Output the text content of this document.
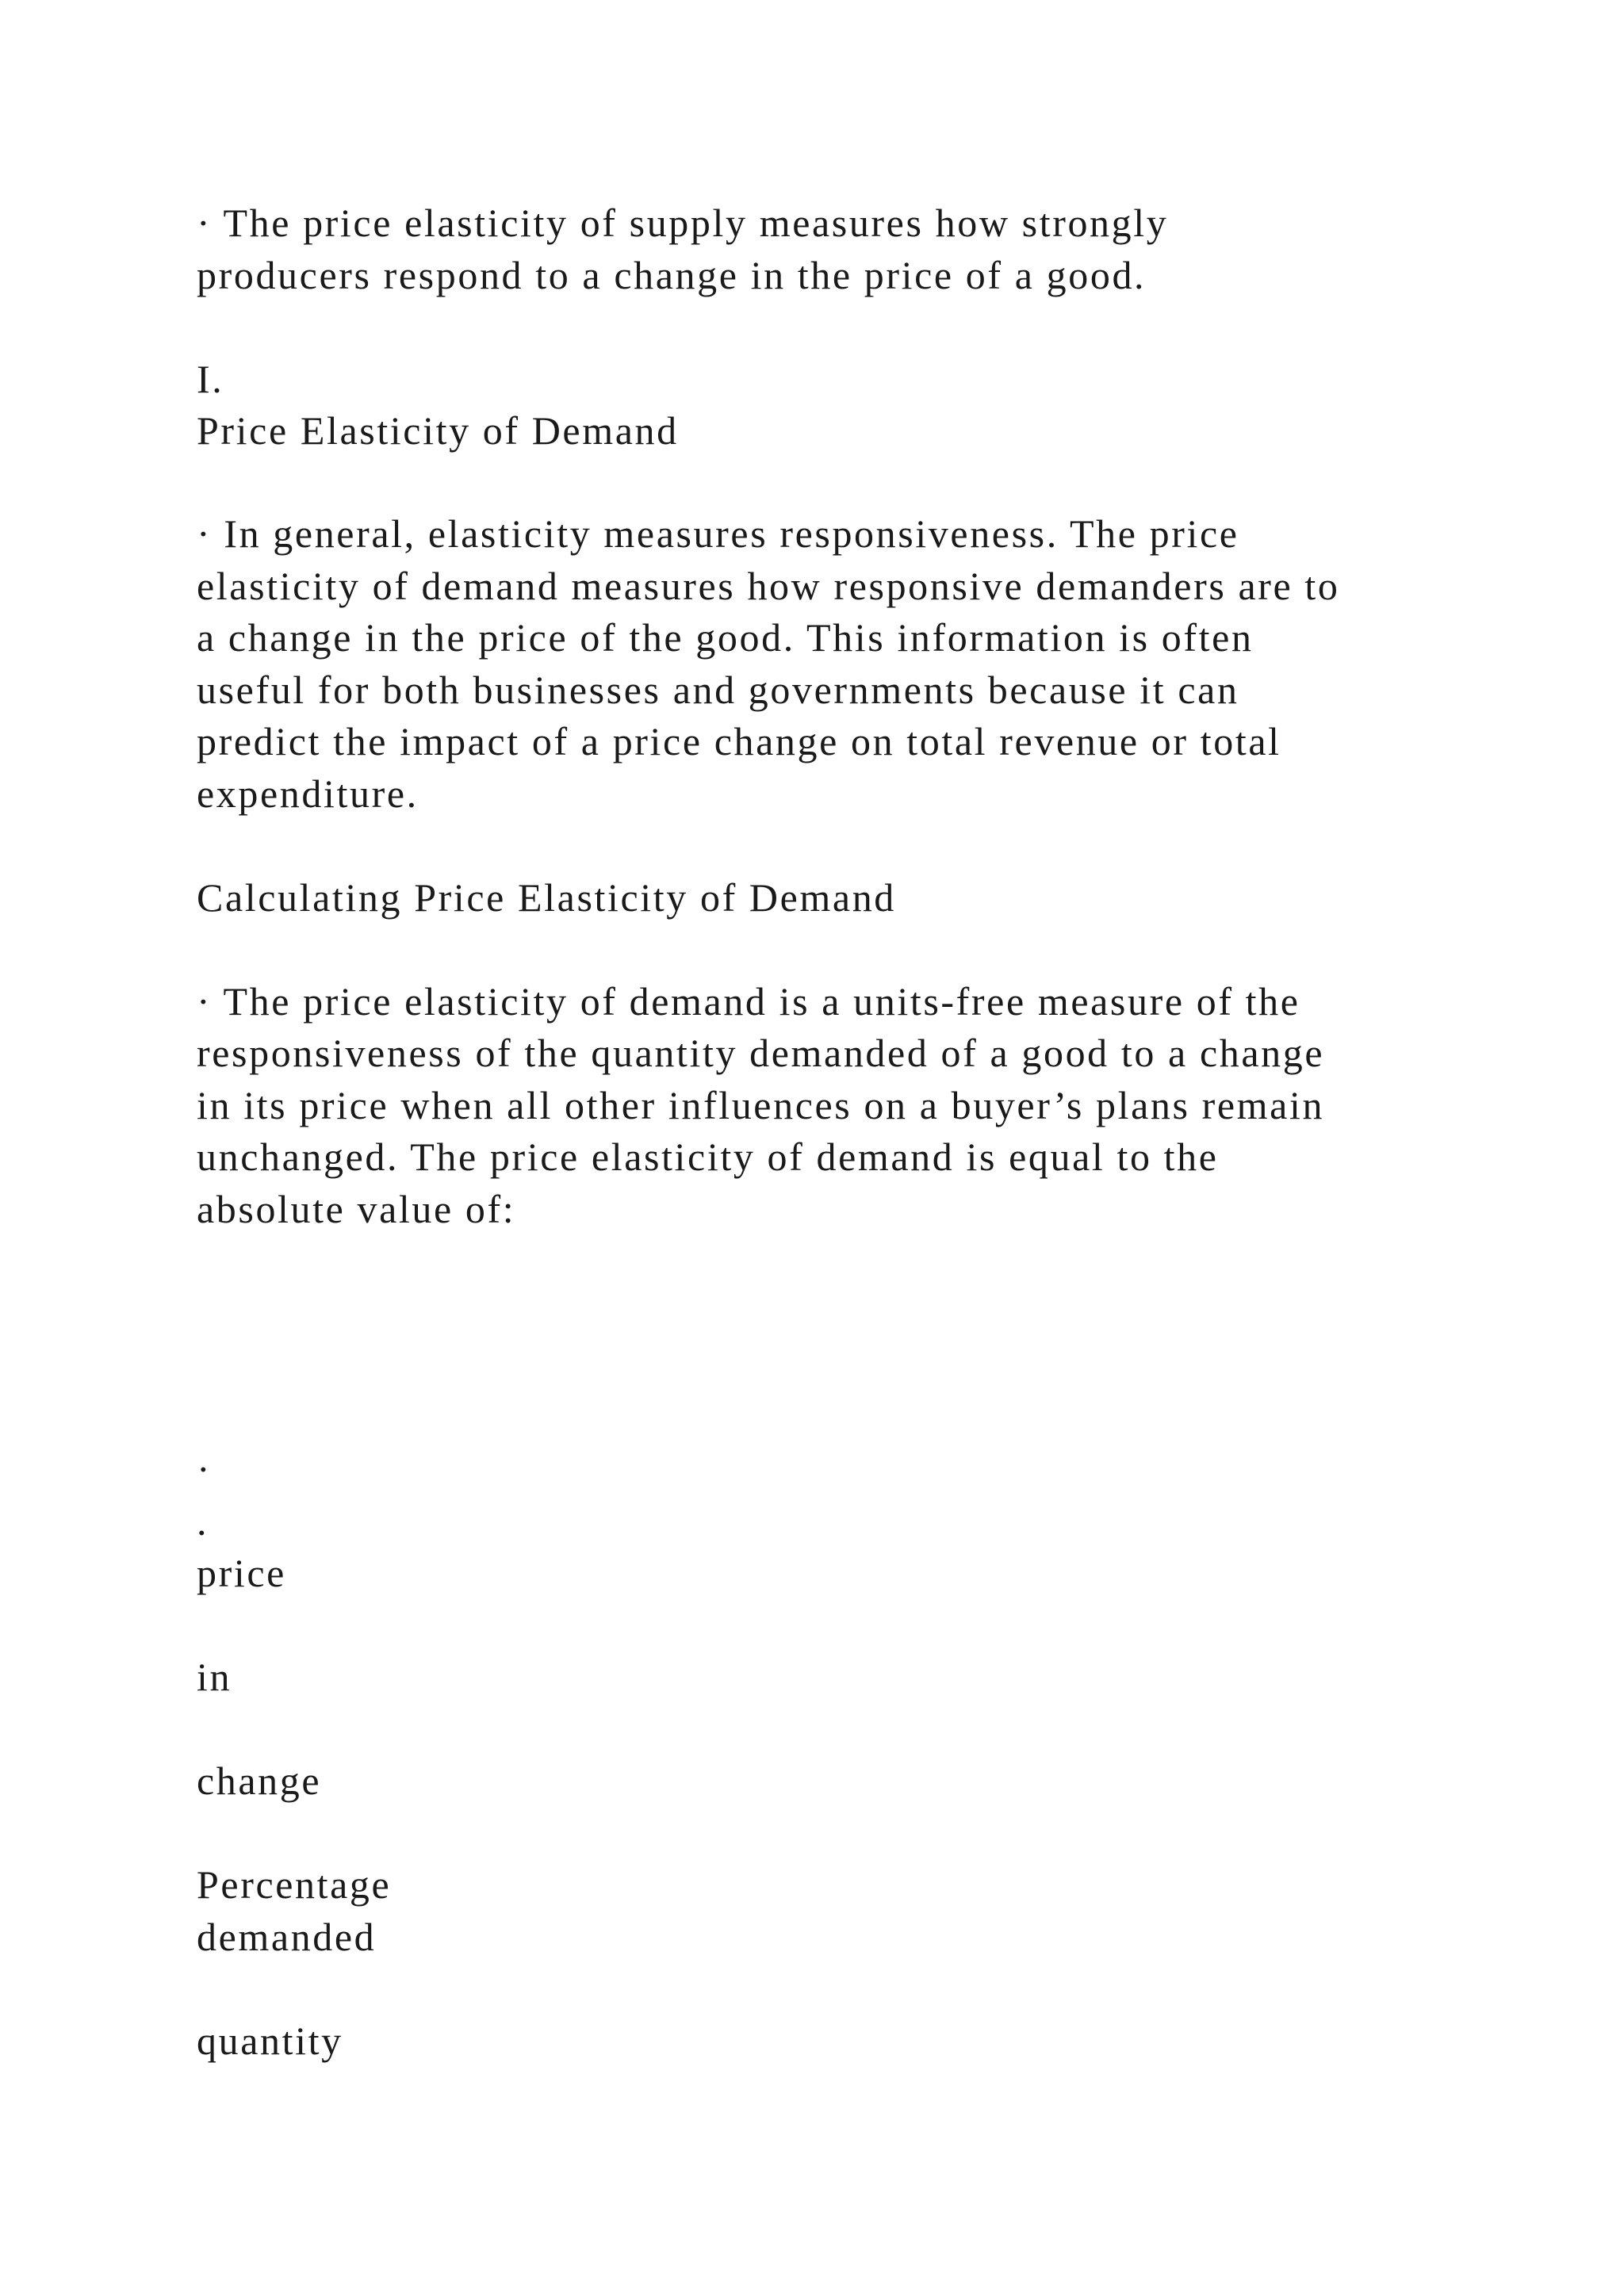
· The price elasticity of supply measures how strongly

producers respond to a change in the price of a good.

I.

Price Elasticity of Demand

· In general, elasticity measures responsiveness. The price

elasticity of demand measures how responsive demanders are to

a change in the price of the good. This information is often

useful for both businesses and governments because it can

predict the impact of a price change on total revenue or total

expenditure.

Calculating Price Elasticity of Demand

· The price elasticity of demand is a units-free measure of the

responsiveness of the quantity demanded of a good to a change

in its price when all other influences on a buyer’s plans remain

unchanged. The price elasticity of demand is equal to the

absolute value of:

·

.

price

in

change

Percentage

demanded

quantity
